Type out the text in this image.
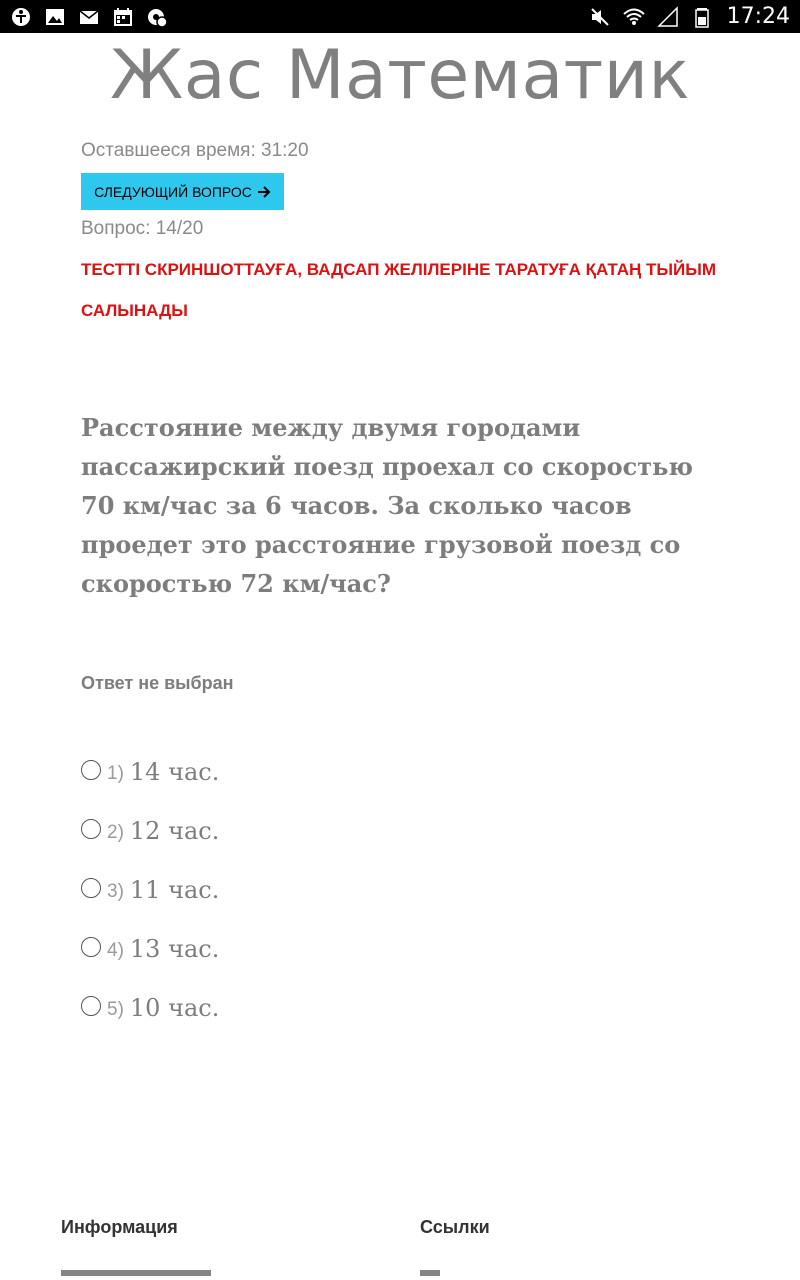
17:24
Жас Математик
Оставшееся время: 31:20
СЛЕДУЮЩИЙ ВОПРОС
Вопрос: 14/20
ТЕСТТІ СКРИНШОТТАУҒА, ВАДСАП ЖЕЛІЛЕРІНЕ ТАРАТУҒА ҚАТАҢ ТЫЙЫМ САЛЫНАДЫ
Расстояние между двумя городами пассажирский поезд проехал со скоростью 70 км/час за 6 часов. За сколько часов проедет это расстояние грузовой поезд со скоростью 72 км/час?
Ответ не выбран
1) 14 час.
2) 12 час.
3) 11 час.
4) 13 час.
5) 10 час.
Информация	Ссылки
